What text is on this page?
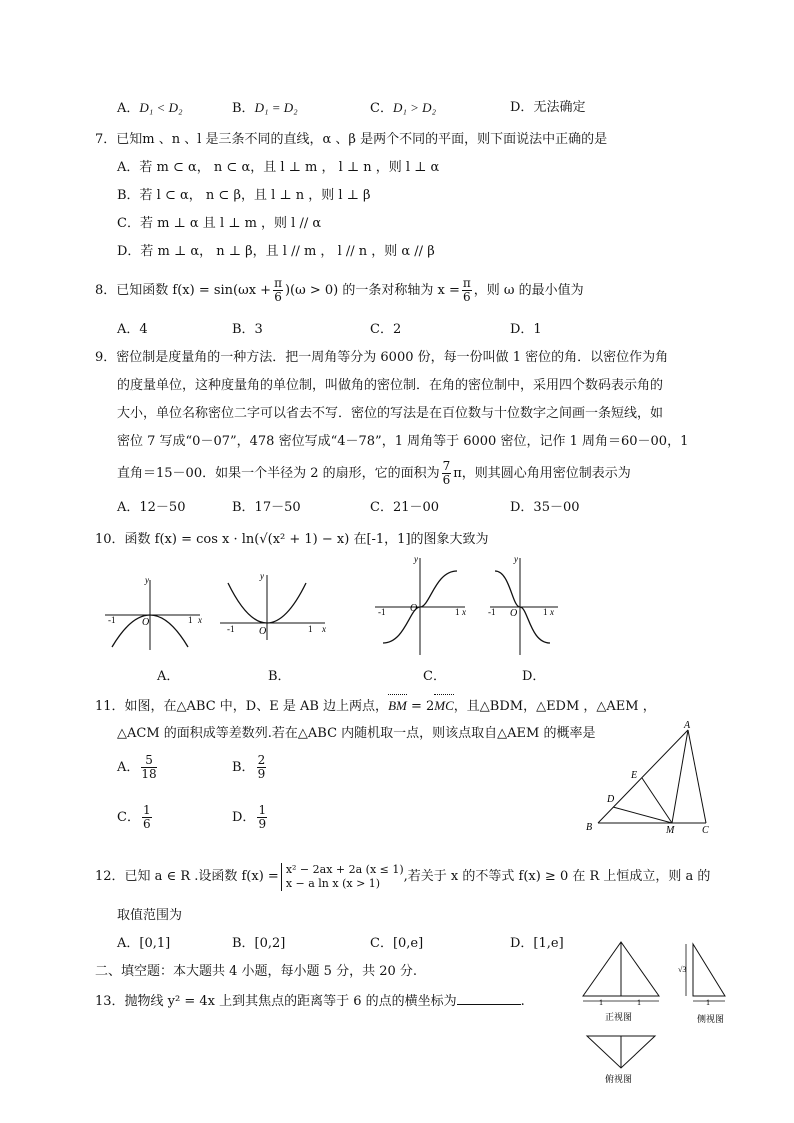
A．D₁ < D₂	B．D₁ = D₂	C．D₁ > D₂	D．无法确定
7．已知m 、n 、l 是三条不同的直线，α 、β 是两个不同的平面，则下面说法中正确的是
A．若 m ⊂ α， n ⊂ α，且 l ⊥ m ， l ⊥ n ，则 l ⊥ α
B．若 l ⊂ α， n ⊂ β，且 l ⊥ n ，则 l ⊥ β
C．若 m ⊥ α 且 l ⊥ m ，则 l // α
D．若 m ⊥ α， n ⊥ β，且 l // m ， l // n ，则 α // β
8．已知函数 $f(x) = \sin(\omega x + \frac{\pi}{6} )(\omega > 0)$ 的一条对称轴为 $x = \frac{\pi}{6}$ ，则 ω 的最小值为
A．4	B．3	C．2	D．1
9．密位制是度量角的一种方法．把一周角等分为 6000 份，每一份叫做 1 密位的角．以密位作为角
的度量单位，这种度量角的单位制，叫做角的密位制．在角的密位制中，采用四个数码表示角的
大小，单位名称密位二字可以省去不写．密位的写法是在百位数与十位数字之间画一条短线，如
密位 7 写成“0－07”，478 密位写成“4－78”，1 周角等于 6000 密位，记作 1 周角＝60－00，1
直角＝15－00．如果一个半径为 2 的扇形，它的面积为 $\frac{7}{6}$ π，则其圆心角用密位制表示为
A．12－50	B．17－50	C．21－00	D．35－00
10．函数 f(x) = cos x · ln(√(x² + 1) − x) 在[-1，1]的图象大致为
y
x
O
-1	1
y
x
O
-1	1
y
x
O
-1	1
y
x
O
-1	1
A．	B．	C．	D．
11．如图，在△ABC 中，D、E 是 AB 边上两点，BM = 2MC，且△BDM，△EDM ，△AEM ，
△ACM 的面积成等差数列.若在△ABC 内随机取一点，则该点取自△AEM 的概率是
A． $\frac{5}{18}$	B． $\frac{2}{9}$
C． $\frac{1}{6}$	D． $\frac{1}{9}$
A
B	C
D
E
M
12．已知 a ∈ R .设函数 f(x) = x² − 2ax + 2a (x ≤ 1)
x − a ln x (x > 1)	,若关于 x 的不等式 f(x) ≥ 0 在 R 上恒成立，则 a 的
取值范围为
A．[0,1]	B．[0,2]	C．[0,e]	D．[1,e]
二、填空题：本大题共 4 小题，每小题 5 分，共 20 分.
13．抛物线 y² = 4x 上到其焦点的距离等于 6 的点的横坐标为	.	1	1	1
√3
正视图	侧视图
俯视图
